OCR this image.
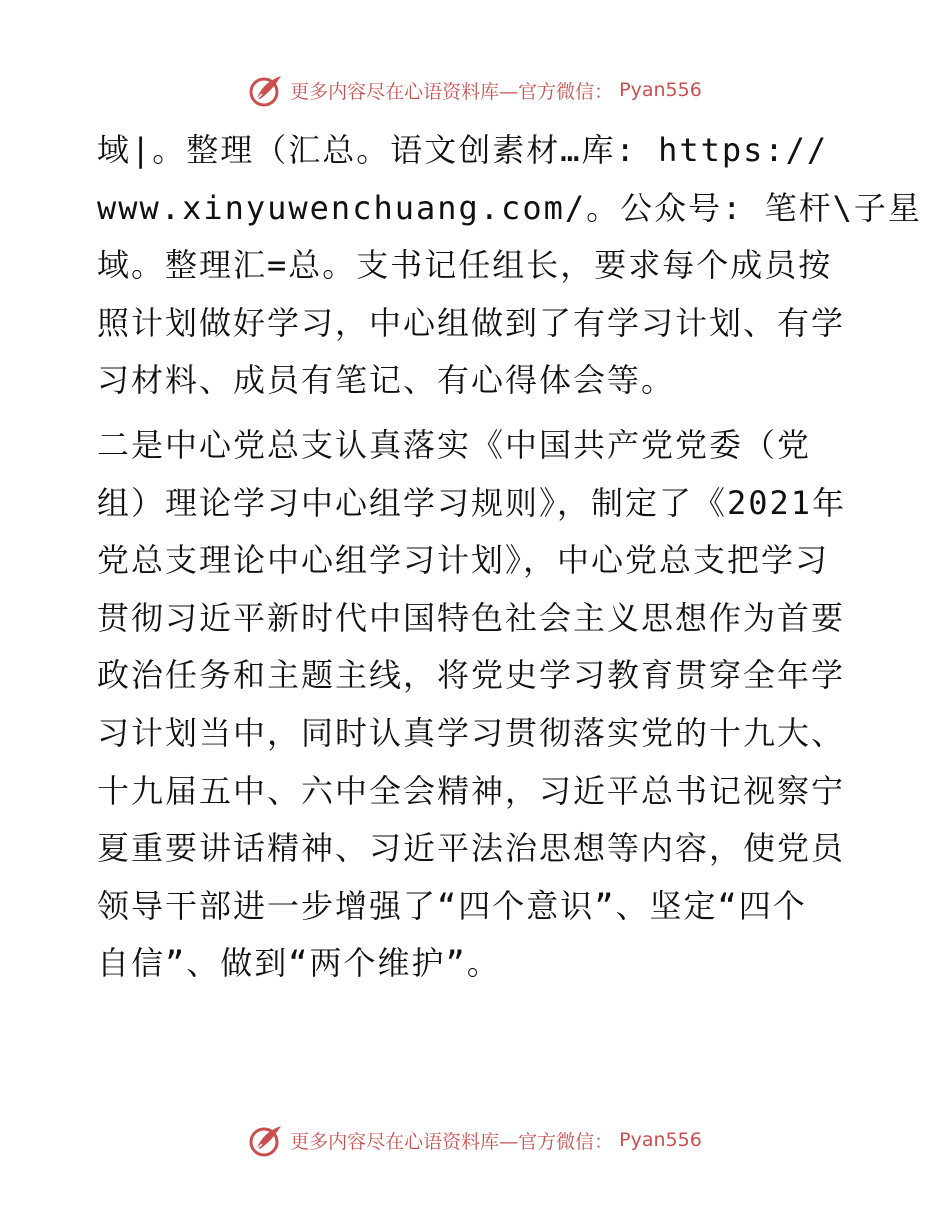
更多内容尽在心语资料库—官方微信： Pyan556
域|。整理（汇总。语文创素材…库: https://
www.xinyuwenchuang.com/。公众号: 笔杆\子星
域。整理汇=总。支书记任组长，要求每个成员按
照计划做好学习，中心组做到了有学习计划、有学
习材料、成员有笔记、有心得体会等。
二是中心党总支认真落实《中国共产党党委（党
组）理论学习中心组学习规则》，制定了《2021年
党总支理论中心组学习计划》，中心党总支把学习
贯彻习近平新时代中国特色社会主义思想作为首要
政治任务和主题主线，将党史学习教育贯穿全年学
习计划当中，同时认真学习贯彻落实党的十九大、
十九届五中、六中全会精神，习近平总书记视察宁
夏重要讲话精神、习近平法治思想等内容，使党员
领导干部进一步增强了“四个意识”、坚定“四个
自信”、做到“两个维护”。
更多内容尽在心语资料库—官方微信： Pyan556
